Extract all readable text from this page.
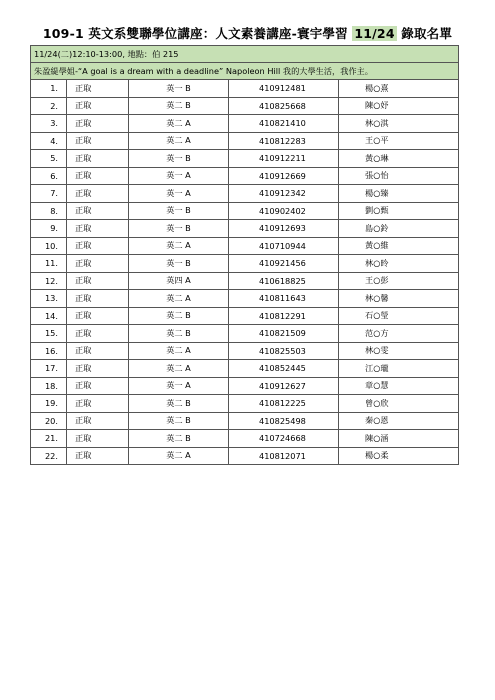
109-1 英文系雙聯學位講座：人文素養講座-寰宇學習 11/24 錄取名單
11/24(二)12:10-13:00, 地點：伯 215				
朱盈緹學姐-“A goal is a dream with a deadline” Napoleon Hill 我的大學生活，我作主。				
1.	正取	英一 B	410912481	楊○熹
2.	正取	英二 B	410825668	陳○妤
3.	正取	英二 A	410821410	林○淇
4.	正取	英二 A	410812283	王○平
5.	正取	英一 B	410912211	黃○琳
6.	正取	英一 A	410912669	張○怡
7.	正取	英一 A	410912342	楊○臻
8.	正取	英一 B	410902402	劉○甄
9.	正取	英一 B	410912693	島○鈴
10.	正取	英二 A	410710944	黃○維
11.	正取	英一 B	410921456	林○昤
12.	正取	英四 A	410618825	王○彭
13.	正取	英二 A	410811643	林○馨
14.	正取	英二 B	410812291	石○瑩
15.	正取	英二 B	410821509	范○方
16.	正取	英二 A	410825503	林○雯
17.	正取	英二 A	410852445	江○瓏
18.	正取	英一 A	410912627	章○慧
19.	正取	英二 B	410812225	曾○欣
20.	正取	英二 B	410825498	秦○恩
21.	正取	英二 B	410724668	陳○涵
22.	正取	英二 A	410812071	楊○柔
